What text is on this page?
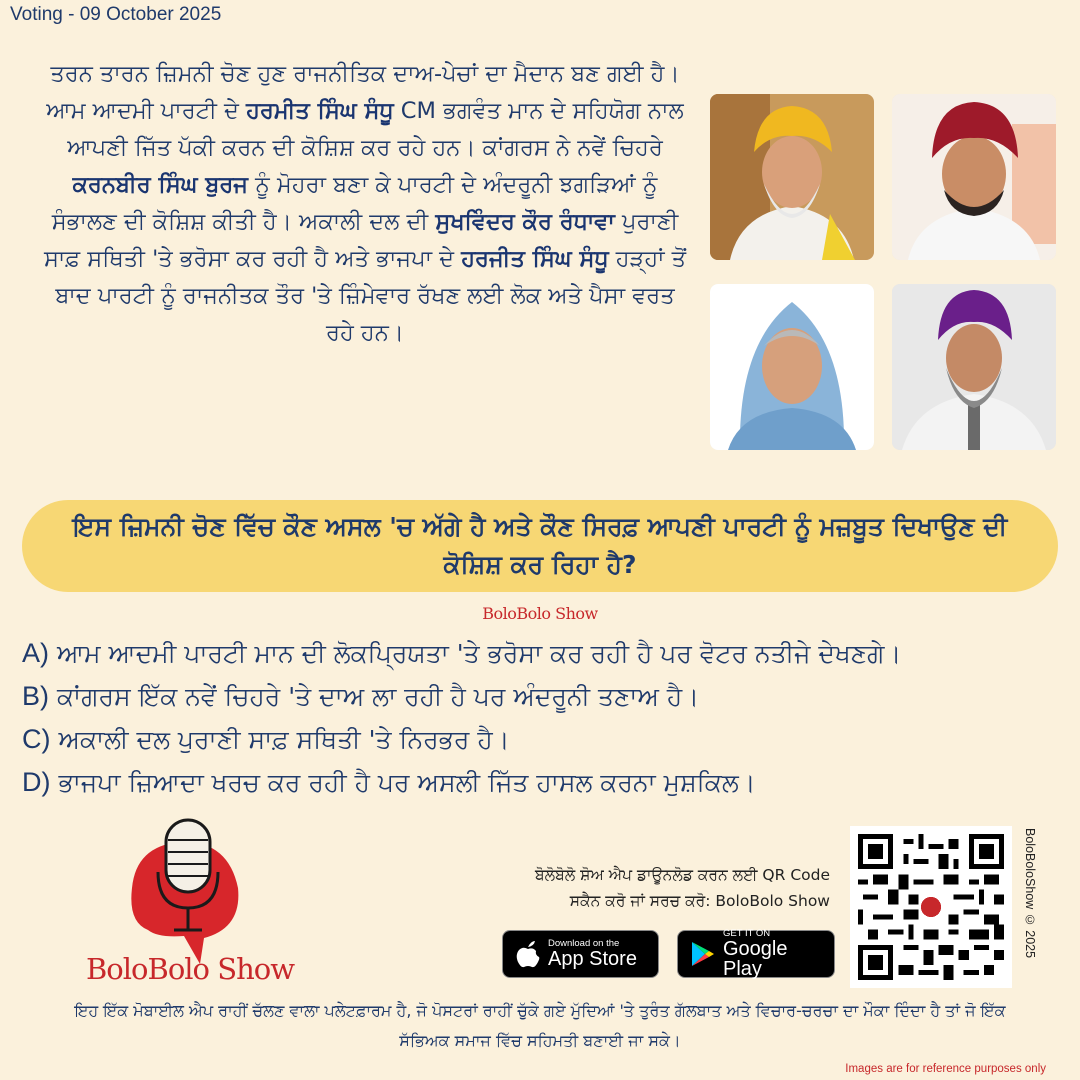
Voting - 09 October 2025
ਤਰਨ ਤਾਰਨ ਜ਼ਿਮਨੀ ਚੋਣ ਹੁਣ ਰਾਜਨੀਤਿਕ ਦਾਅ-ਪੇਚਾਂ ਦਾ ਮੈਦਾਨ ਬਣ ਗਈ ਹੈ। ਆਮ ਆਦਮੀ ਪਾਰਟੀ ਦੇ ਹਰਮੀਤ ਸਿੰਘ ਸੰਧੂ CM ਭਗਵੰਤ ਮਾਨ ਦੇ ਸਹਿਯੋਗ ਨਾਲ ਆਪਣੀ ਜਿੱਤ ਪੱਕੀ ਕਰਨ ਦੀ ਕੋਸ਼ਿਸ਼ ਕਰ ਰਹੇ ਹਨ। ਕਾਂਗਰਸ ਨੇ ਨਵੇਂ ਚਿਹਰੇ ਕਰਨਬੀਰ ਸਿੰਘ ਬੁਰਜ ਨੂੰ ਮੋਹਰਾ ਬਣਾ ਕੇ ਪਾਰਟੀ ਦੇ ਅੰਦਰੂਨੀ ਝਗੜਿਆਂ ਨੂੰ ਸੰਭਾਲਣ ਦੀ ਕੋਸ਼ਿਸ਼ ਕੀਤੀ ਹੈ। ਅਕਾਲੀ ਦਲ ਦੀ ਸੁਖਵਿੰਦਰ ਕੌਰ ਰੰਧਾਵਾ ਪੁਰਾਣੀ ਸਾਫ਼ ਸਥਿਤੀ 'ਤੇ ਭਰੋਸਾ ਕਰ ਰਹੀ ਹੈ ਅਤੇ ਭਾਜਪਾ ਦੇ ਹਰਜੀਤ ਸਿੰਘ ਸੰਧੂ ਹੜ੍ਹਾਂ ਤੋਂ ਬਾਦ ਪਾਰਟੀ ਨੂੰ ਰਾਜਨੀਤਕ ਤੌਰ 'ਤੇ ਜ਼ਿੰਮੇਵਾਰ ਰੱਖਣ ਲਈ ਲੋਕ ਅਤੇ ਪੈਸਾ ਵਰਤ ਰਹੇ ਹਨ।
ਇਸ ਜ਼ਿਮਨੀ ਚੋਣ ਵਿੱਚ ਕੌਣ ਅਸਲ 'ਚ ਅੱਗੇ ਹੈ ਅਤੇ ਕੌਣ ਸਿਰਫ਼ ਆਪਣੀ ਪਾਰਟੀ ਨੂੰ ਮਜ਼ਬੂਤ ਦਿਖਾਉਣ ਦੀ ਕੋਸ਼ਿਸ਼ ਕਰ ਰਿਹਾ ਹੈ?
BoloBolo Show
A) ਆਮ ਆਦਮੀ ਪਾਰਟੀ ਮਾਨ ਦੀ ਲੋਕਪ੍ਰਿਯਤਾ 'ਤੇ ਭਰੋਸਾ ਕਰ ਰਹੀ ਹੈ ਪਰ ਵੋਟਰ ਨਤੀਜੇ ਦੇਖਣਗੇ।
B) ਕਾਂਗਰਸ ਇੱਕ ਨਵੇਂ ਚਿਹਰੇ 'ਤੇ ਦਾਅ ਲਾ ਰਹੀ ਹੈ ਪਰ ਅੰਦਰੂਨੀ ਤਣਾਅ ਹੈ।
C) ਅਕਾਲੀ ਦਲ ਪੁਰਾਣੀ ਸਾਫ਼ ਸਥਿਤੀ 'ਤੇ ਨਿਰਭਰ ਹੈ।
D) ਭਾਜਪਾ ਜ਼ਿਆਦਾ ਖਰਚ ਕਰ ਰਹੀ ਹੈ ਪਰ ਅਸਲੀ ਜਿੱਤ ਹਾਸਲ ਕਰਨਾ ਮੁਸ਼ਕਿਲ।
BoloBolo Show
ਬੋਲੋਬੋਲੋ ਸ਼ੋਅ ਐਪ ਡਾਊਨਲੋਡ ਕਰਨ ਲਈ QR Code
ਸਕੈਨ ਕਰੋ ਜਾਂ ਸਰਚ ਕਰੋ: BoloBolo Show
Download on the
App Store
GET IT ON
Google Play
BoloBoloShow © 2025
ਇਹ ਇੱਕ ਮੋਬਾਈਲ ਐਪ ਰਾਹੀਂ ਚੱਲਣ ਵਾਲਾ ਪਲੇਟਫ਼ਾਰਮ ਹੈ, ਜੋ ਪੋਸਟਰਾਂ ਰਾਹੀਂ ਚੁੱਕੇ ਗਏ ਮੁੱਦਿਆਂ 'ਤੇ ਤੁਰੰਤ ਗੱਲਬਾਤ ਅਤੇ ਵਿਚਾਰ-ਚਰਚਾ ਦਾ ਮੌਕਾ ਦਿੰਦਾ ਹੈ ਤਾਂ ਜੋ ਇੱਕ ਸੱਭਿਅਕ ਸਮਾਜ ਵਿੱਚ ਸਹਿਮਤੀ ਬਣਾਈ ਜਾ ਸਕੇ।
Images are for reference purposes only
